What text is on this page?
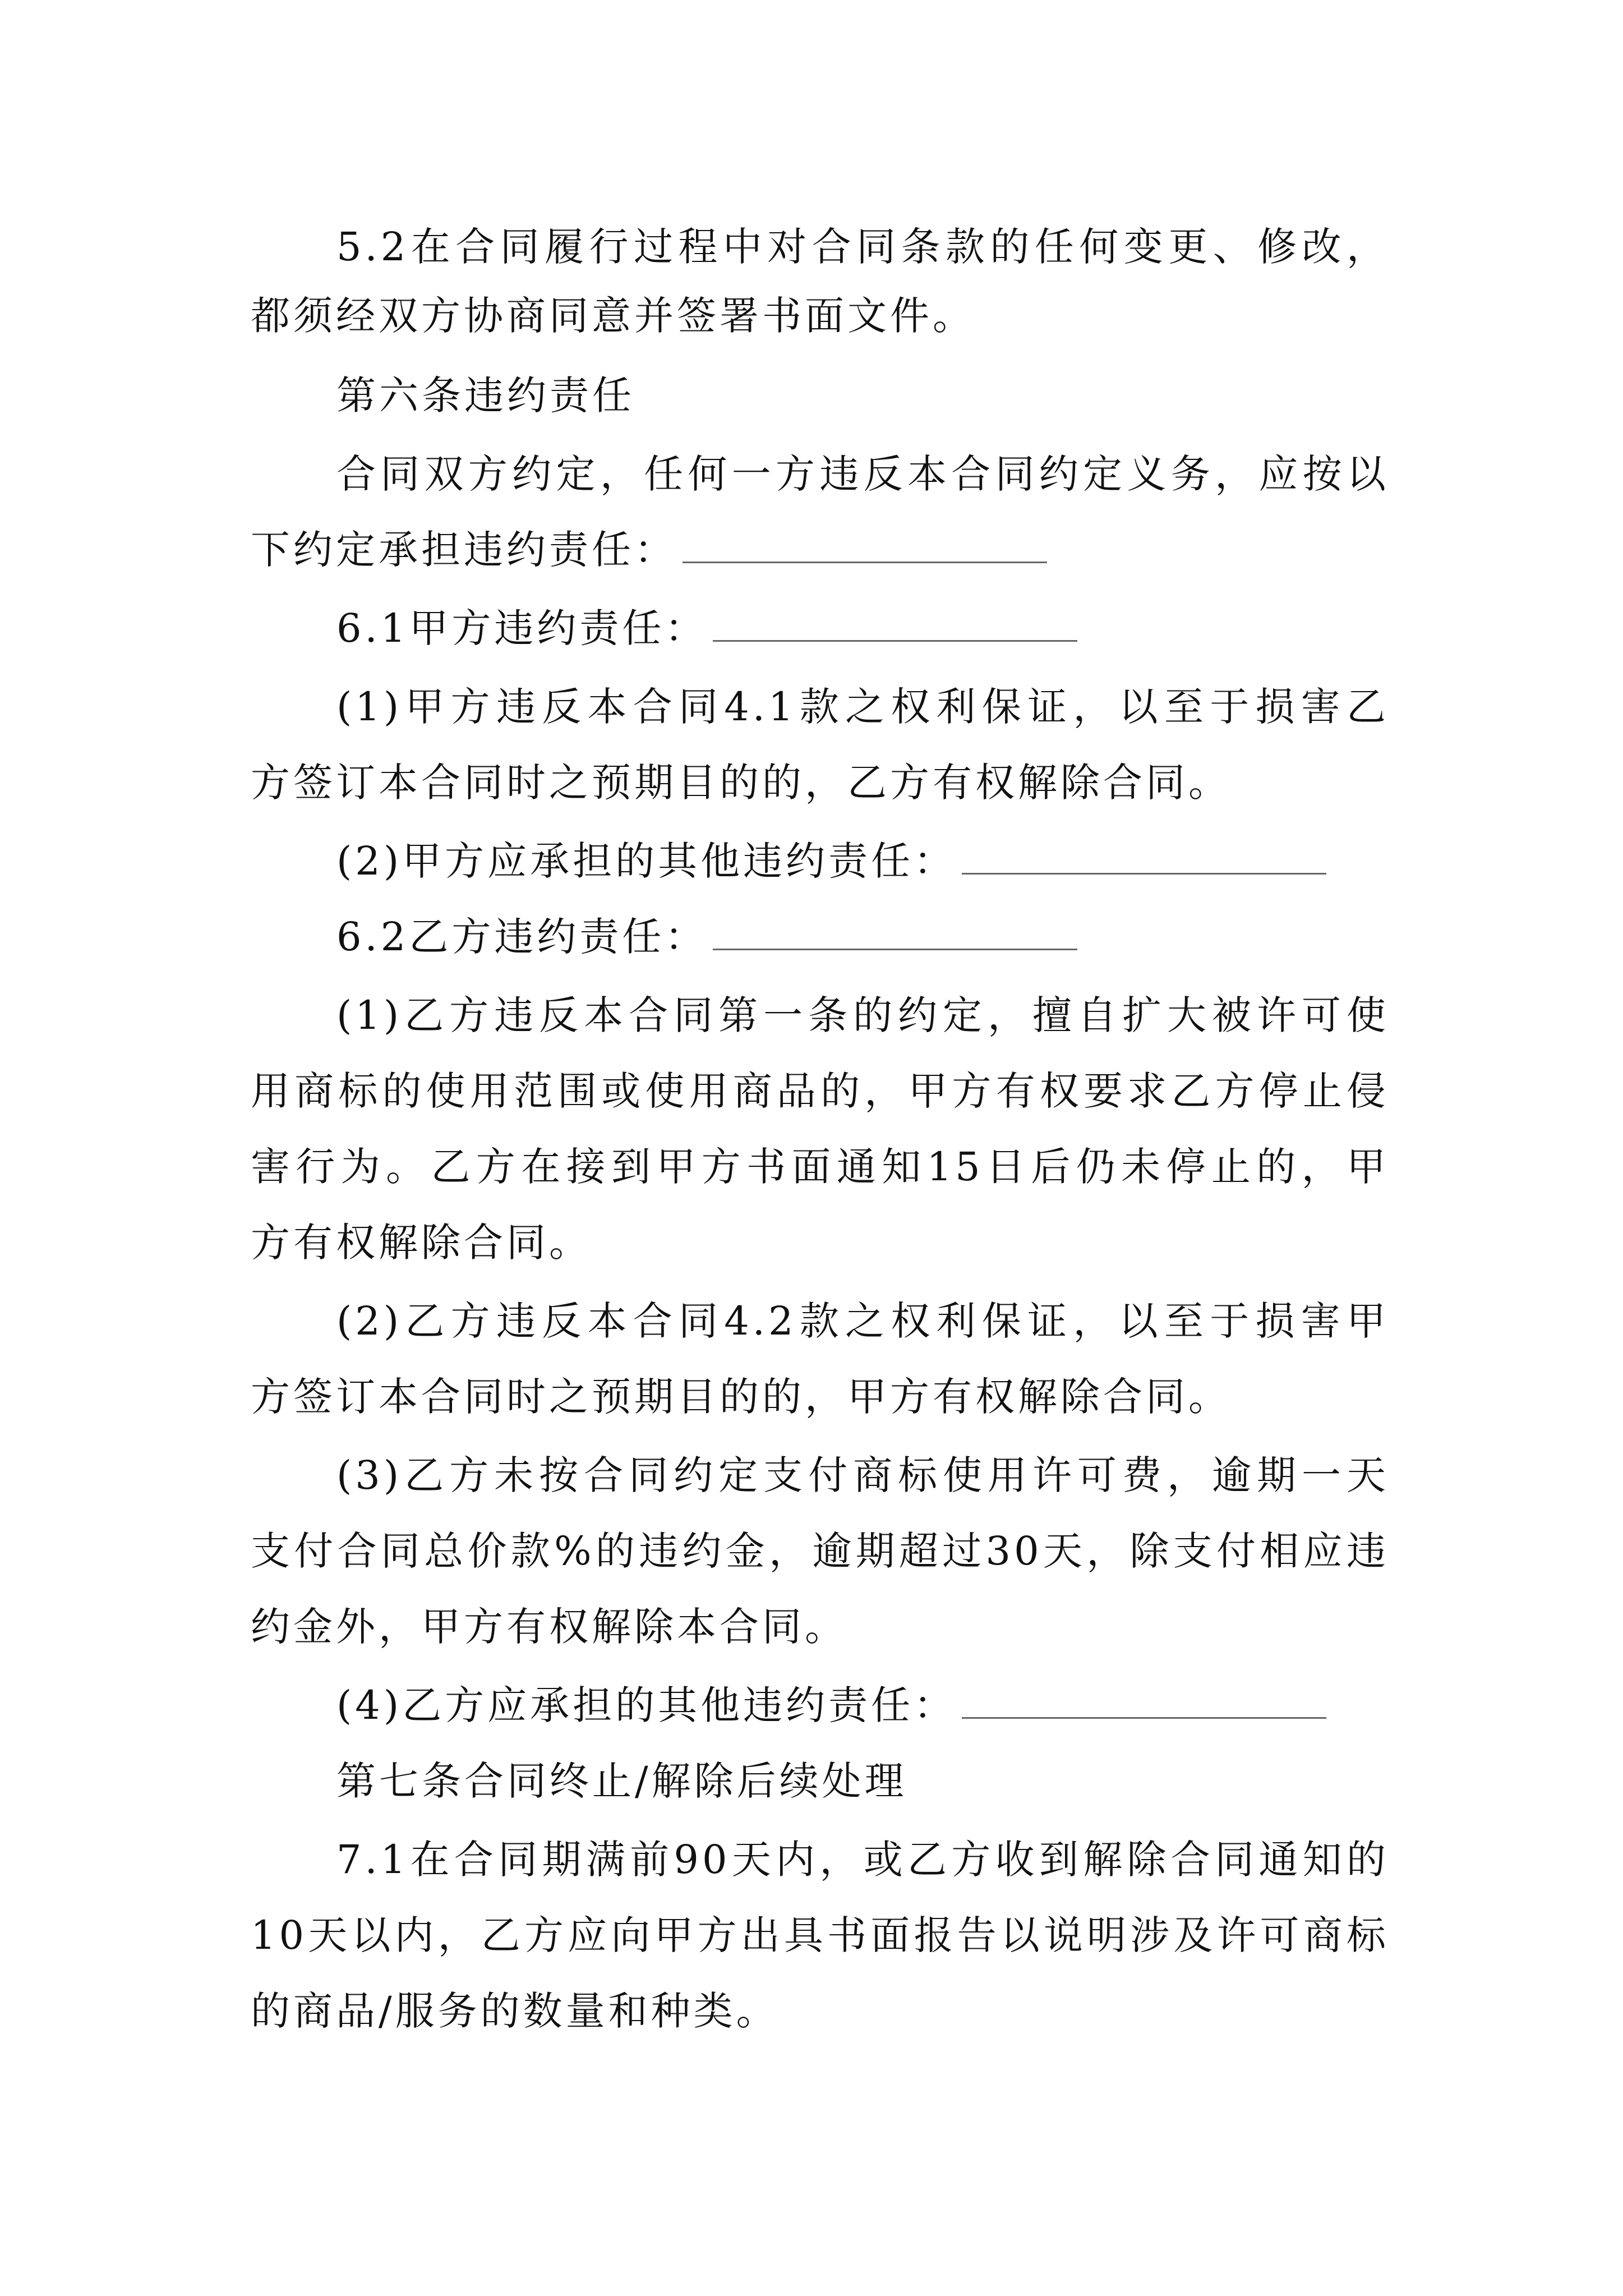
5.2在合同履行过程中对合同条款的任何变更、修改，
都须经双方协商同意并签署书面文件。
第六条违约责任
合同双方约定，任何一方违反本合同约定义务，应按以
下约定承担违约责任：
6.1甲方违约责任：
(1)甲方违反本合同4.1款之权利保证，以至于损害乙
方签订本合同时之预期目的的，乙方有权解除合同。
(2)甲方应承担的其他违约责任：
6.2乙方违约责任：
(1)乙方违反本合同第一条的约定，擅自扩大被许可使
用商标的使用范围或使用商品的，甲方有权要求乙方停止侵
害行为。乙方在接到甲方书面通知15日后仍未停止的，甲
方有权解除合同。
(2)乙方违反本合同4.2款之权利保证，以至于损害甲
方签订本合同时之预期目的的，甲方有权解除合同。
(3)乙方未按合同约定支付商标使用许可费，逾期一天
支付合同总价款%的违约金，逾期超过30天，除支付相应违
约金外，甲方有权解除本合同。
(4)乙方应承担的其他违约责任：
第七条合同终止/解除后续处理
7.1在合同期满前90天内，或乙方收到解除合同通知的
10天以内，乙方应向甲方出具书面报告以说明涉及许可商标
的商品/服务的数量和种类。
